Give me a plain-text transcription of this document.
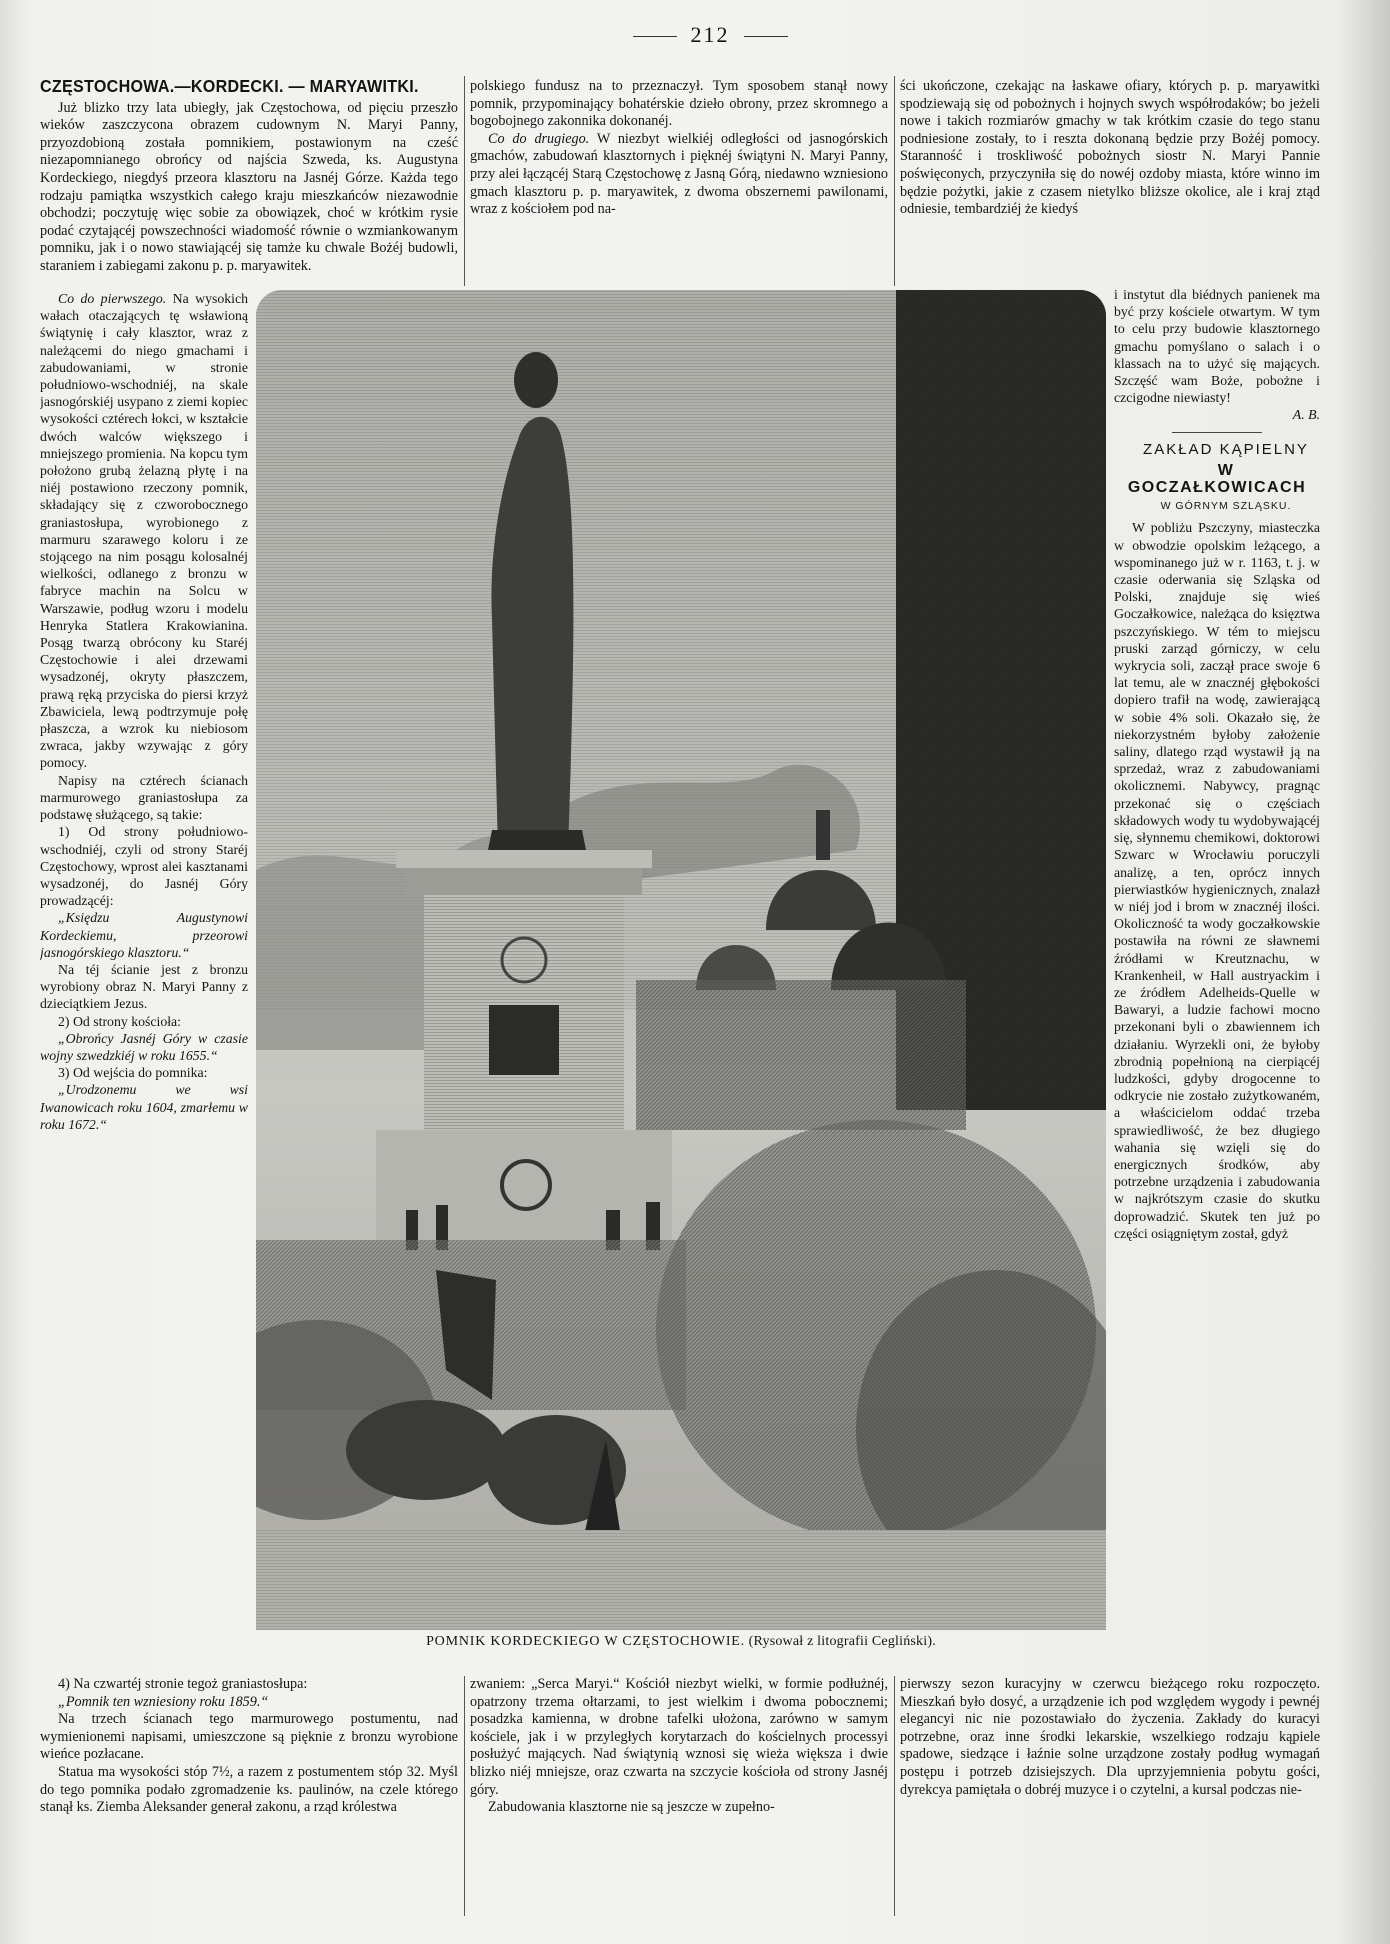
212
CZĘSTOCHOWA.—KORDECKI. — MARYAWITKI.

Już blizko trzy lata ubiegły, jak Częstochowa, od pięciu przeszło wieków zaszczycona obrazem cudownym N. Maryi Panny, przyozdobioną została pomnikiem, postawionym na cześć niezapomnianego obrońcy od najścia Szweda, ks. Augustyna Kordeckiego, niegdyś przeora klasztoru na Jasnéj Górze. Każda tego rodzaju pamiątka wszystkich całego kraju mieszkańców niezawodnie obchodzi; poczytuję więc sobie za obowiązek, choć w krótkim rysie podać czytającéj powszechności wiadomość równie o wzmiankowanym pomniku, jak i o nowo stawiającéj się tamże ku chwale Bożéj budowli, staraniem i zabiegami zakonu p. p. maryawitek.

Co do pierwszego. Na wysokich wałach otaczających tę wsławioną świątynię i cały klasztor, wraz z należącemi do niego gmachami i zabudowaniami, w stronie południowo-wschodniéj, na skale jasnogórskiéj usypano z ziemi kopiec wysokości cztérech łokci, w kształcie dwóch walców większego i mniejszego promienia. Na kopcu tym położono grubą żelazną płytę i na niéj postawiono rzeczony pomnik, składający się z czworobocznego graniastosłupa, wyrobionego z marmuru szarawego koloru i ze stojącego na nim posągu kolosalnéj wielkości, odlanego z bronzu w fabryce machin na Solcu w Warszawie, podług wzoru i modelu Henryka Statlera Krakowianina. Posąg twarzą obrócony ku Staréj Częstochowie i alei drzewami wysadzonéj, okryty płaszczem, prawą ręką przyciska do piersi krzyż Zbawiciela, lewą podtrzymuje połę płaszcza, a wzrok ku niebiosom zwraca, jakby wzywając z góry pomocy.

Napisy na cztérech ścianach marmurowego graniastosłupa za podstawę służącego, są takie:

1) Od strony południowo-wschodniéj, czyli od strony Staréj Częstochowy, wprost alei kasztanami wysadzonéj, do Jasnéj Góry prowadzącéj:

„Księdzu Augustynowi Kordeckiemu, przeorowi jasnogórskiego klasztoru.“

Na téj ścianie jest z bronzu wyrobiony obraz N. Maryi Panny z dzieciątkiem Jezus.

2) Od strony kościoła:

„Obrońcy Jasnéj Góry w czasie wojny szwedzkiéj w roku 1655.“

3) Od wejścia do pomnika:

„Urodzonemu we wsi Iwanowicach roku 1604, zmarłemu w roku 1672.“

4) Na czwartéj stronie tegoż graniastosłupa:

„Pomnik ten wzniesiony roku 1859.“

Na trzech ścianach tego marmurowego postumentu, nad wymienionemi napisami, umieszczone są pięknie z bronzu wyrobione wieńce pozłacane.

Statua ma wysokości stóp 7½, a razem z postumentem stóp 32. Myśl do tego pomnika podało zgromadzenie ks. paulinów, na czele którego stanął ks. Ziemba Aleksander generał zakonu, a rząd królestwa

polskiego fundusz na to przeznaczył. Tym sposobem stanął nowy pomnik, przypominający bohatérskie dzieło obrony, przez skromnego a bogobojnego zakonnika dokonanéj.

Co do drugiego. W niezbyt wielkiéj odległości od jasnogórskich gmachów, zabudowań klasztornych i pięknéj świątyni N. Maryi Panny, przy alei łączącéj Starą Częstochowę z Jasną Górą, niedawno wzniesiono gmach klasztoru p. p. maryawitek, z dwoma obszernemi pawilonami, wraz z kościołem pod na-

zwaniem: „Serca Maryi.“ Kościół niezbyt wielki, w formie podłużnéj, opatrzony trzema ołtarzami, to jest wielkim i dwoma pobocznemi; posadzka kamienna, w drobne tafelki ułożona, zarówno w samym kościele, jak i w przyległych korytarzach do kościelnych processyi posłużyć mających. Nad świątynią wznosi się wieża większa i dwie blizko niéj mniejsze, oraz czwarta na szczycie kościoła od strony Jasnéj góry.

Zabudowania klasztorne nie są jeszcze w zupełno-

ści ukończone, czekając na łaskawe ofiary, których p. p. maryawitki spodziewają się od pobożnych i hojnych swych współrodaków; bo jeżeli nowe i takich rozmiarów gmachy w tak krótkim czasie do tego stanu podniesione zostały, to i reszta dokonaną będzie przy Bożéj pomocy. Staranność i troskliwość pobożnych siostr N. Maryi Pannie poświęconych, przyczyniła się do nowéj ozdoby miasta, które winno im będzie pożytki, jakie z czasem nietylko bliższe okolice, ale i kraj ztąd odniesie, tembardziéj że kiedyś

i instytut dla biédnych panienek ma być przy kościele otwartym. W tym to celu przy budowie klasztornego gmachu pomyślano o salach i o klassach na to użyć się mających. Szczęść wam Boże, pobożne i czcigodne niewiasty!

A. B.

ZAKŁAD KĄPIELNY

W GOCZAŁKOWICACH

W GÓRNYM SZLĄSKU.

W pobliżu Pszczyny, miasteczka w obwodzie opolskim leżącego, a wspominanego już w r. 1163, t. j. w czasie oderwania się Szląska od Polski, znajduje się wieś Goczałkowice, należąca do księztwa pszczyńskiego. W tém to miejscu pruski zarząd górniczy, w celu wykrycia soli, zaczął prace swoje 6 lat temu, ale w znacznéj głębokości dopiero trafił na wodę, zawierającą w sobie 4% soli. Okazało się, że niekorzystném byłoby założenie saliny, dlatego rząd wystawił ją na sprzedaż, wraz z zabudowaniami okolicznemi. Nabywcy, pragnąc przekonać się o częściach składowych wody tu wydobywającéj się, słynnemu chemikowi, doktorowi Szwarc w Wrocławiu poruczyli analizę, a ten, oprócz innych pierwiastków hygienicznych, znalazł w niéj jod i brom w znacznéj ilości. Okoliczność ta wody goczałkowskie postawiła na równi ze sławnemi źródłami w Kreutznachu, w Krankenheil, w Hall austryackim i ze źródłem Adelheids-Quelle w Bawaryi, a ludzie fachowi mocno przekonani byli o zbawiennem ich działaniu. Wyrzekli oni, że byłoby zbrodnią popełnioną na cierpiącéj ludzkości, gdyby drogocenne to odkrycie nie zostało zużytkowaném, a właścicielom oddać trzeba sprawiedliwość, że bez długiego wahania się wzięli się do energicznych środków, aby potrzebne urządzenia i zabudowania w najkrótszym czasie do skutku doprowadzić. Skutek ten już po części osiągniętym został, gdyż

pierwszy sezon kuracyjny w czerwcu bieżącego roku rozpoczęto. Mieszkań było dosyć, a urządzenie ich pod względem wygody i pewnéj elegancyi nic nie pozostawiało do życzenia. Zakłady do kuracyi potrzebne, oraz inne środki lekarskie, wszelkiego rodzaju kąpiele spadowe, siedzące i łaźnie solne urządzone zostały podług wymagań postępu i potrzeb dzisiejszych. Dla uprzyjemnienia pobytu gości, dyrekcya pamiętała o dobréj muzyce i o czytelni, a kursal podczas nie-

POMNIK KORDECKIEGO W CZĘSTOCHOWIE. (Rysował z litografii Cegliński).
